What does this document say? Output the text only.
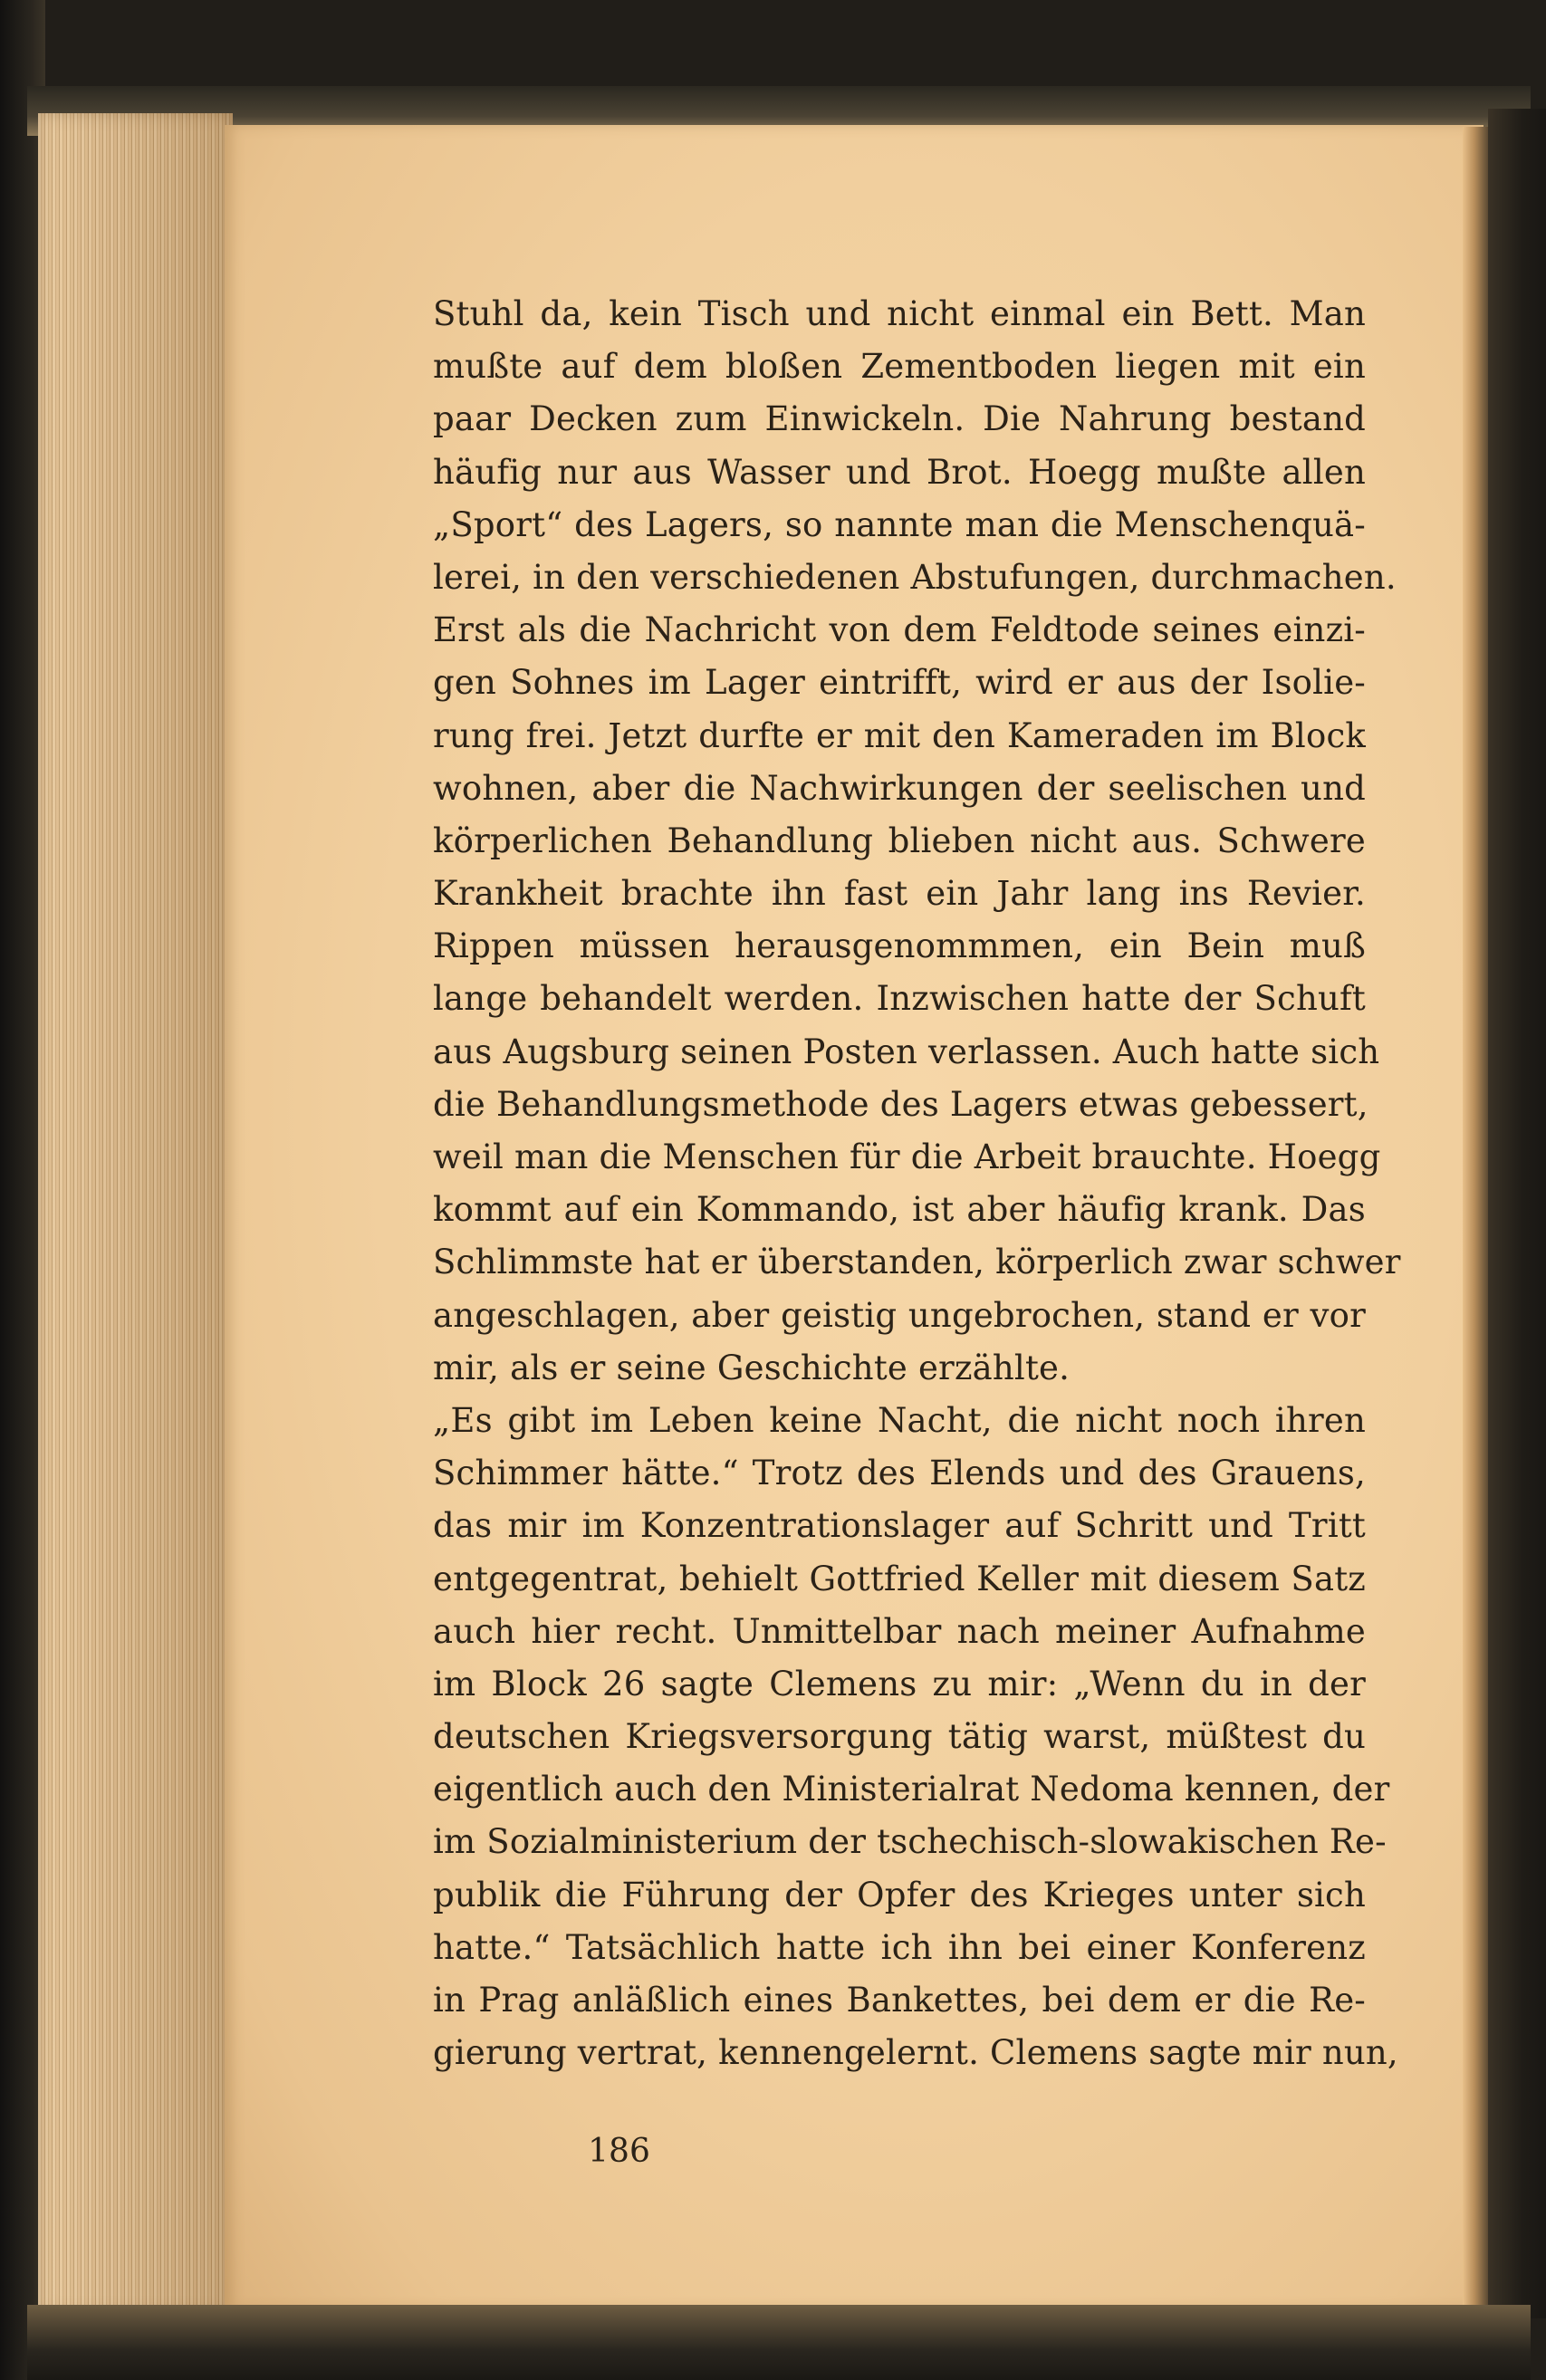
Stuhl da, kein Tisch und nicht einmal ein Bett. Man
mußte auf dem bloßen Zementboden liegen mit ein
paar Decken zum Einwickeln. Die Nahrung bestand
häufig nur aus Wasser und Brot. Hoegg mußte allen
„Sport“ des Lagers, so nannte man die Menschenquä-
lerei, in den verschiedenen Abstufungen, durchmachen.
Erst als die Nachricht von dem Feldtode seines einzi-
gen Sohnes im Lager eintrifft, wird er aus der Isolie-
rung frei. Jetzt durfte er mit den Kameraden im Block
wohnen, aber die Nachwirkungen der seelischen und
körperlichen Behandlung blieben nicht aus. Schwere
Krankheit brachte ihn fast ein Jahr lang ins Revier.
Rippen müssen herausgenommmen, ein Bein muß
lange behandelt werden. Inzwischen hatte der Schuft
aus Augsburg seinen Posten verlassen. Auch hatte sich
die Behandlungsmethode des Lagers etwas gebessert,
weil man die Menschen für die Arbeit brauchte. Hoegg
kommt auf ein Kommando, ist aber häufig krank. Das
Schlimmste hat er überstanden, körperlich zwar schwer
angeschlagen, aber geistig ungebrochen, stand er vor
mir, als er seine Geschichte erzählte.
„Es gibt im Leben keine Nacht, die nicht noch ihren
Schimmer hätte.“ Trotz des Elends und des Grauens,
das mir im Konzentrationslager auf Schritt und Tritt
entgegentrat, behielt Gottfried Keller mit diesem Satz
auch hier recht. Unmittelbar nach meiner Aufnahme
im Block 26 sagte Clemens zu mir: „Wenn du in der
deutschen Kriegsversorgung tätig warst, müßtest du
eigentlich auch den Ministerialrat Nedoma kennen, der
im Sozialministerium der tschechisch-slowakischen Re-
publik die Führung der Opfer des Krieges unter sich
hatte.“ Tatsächlich hatte ich ihn bei einer Konferenz
in Prag anläßlich eines Bankettes, bei dem er die Re-
gierung vertrat, kennengelernt. Clemens sagte mir nun,
186
